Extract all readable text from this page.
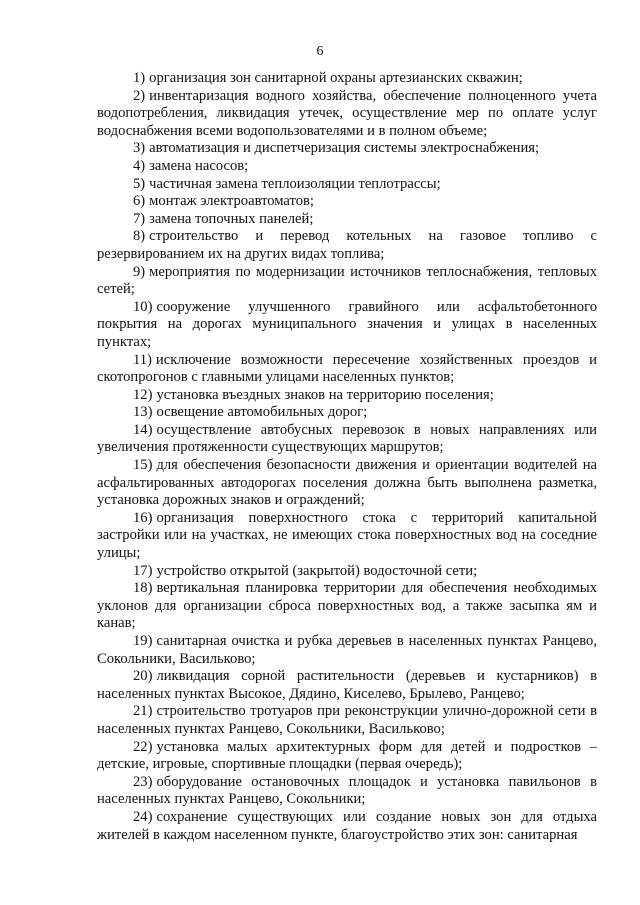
6

1) организация зон санитарной охраны артезианских скважин;

2) инвентаризация водного хозяйства, обеспечение полноценного учета водопотребления, ликвидация утечек, осуществление мер по оплате услуг водоснабжения всеми водопользователями и в полном объеме;

3) автоматизация и диспетчеризация системы электроснабжения;

4) замена насосов;

5) частичная замена теплоизоляции теплотрассы;

6) монтаж электроавтоматов;

7) замена топочных панелей;

8) строительство и перевод котельных на газовое топливо с резервированием их на других видах топлива;

9) мероприятия по модернизации источников теплоснабжения, тепловых сетей;

10) сооружение улучшенного гравийного или асфальтобетонного покрытия на дорогах муниципального значения и улицах в населенных пунктах;

11) исключение возможности пересечение хозяйственных проездов и скотопрогонов с главными улицами населенных пунктов;

12) установка въездных знаков на территорию поселения;

13) освещение автомобильных дорог;

14) осуществление автобусных перевозок в новых направлениях или увеличения протяженности существующих маршрутов;

15) для обеспечения безопасности движения и ориентации водителей на асфальтированных автодорогах поселения должна быть выполнена разметка, установка дорожных знаков и ограждений;

16) организация поверхностного стока с территорий капитальной застройки или на участках, не имеющих стока поверхностных вод на соседние улицы;

17) устройство открытой (закрытой) водосточной сети;

18) вертикальная планировка территории для обеспечения необходимых уклонов для организации сброса поверхностных вод, а также засыпка ям и канав;

19) санитарная очистка и рубка деревьев в населенных пунктах Ранцево, Сокольники, Васильково;

20) ликвидация сорной растительности (деревьев и кустарников) в населенных пунктах Высокое, Дядино, Киселево, Брылево, Ранцево;

21) строительство тротуаров при реконструкции улично-дорожной сети в населенных пунктах Ранцево, Сокольники, Васильково;

22) установка малых архитектурных форм для детей и подростков – детские, игровые, спортивные площадки (первая очередь);

23) оборудование остановочных площадок и установка павильонов в населенных пунктах Ранцево, Сокольники;

24) сохранение существующих или создание новых зон для отдыха жителей в каждом населенном пункте, благоустройство этих зон: санитарная
